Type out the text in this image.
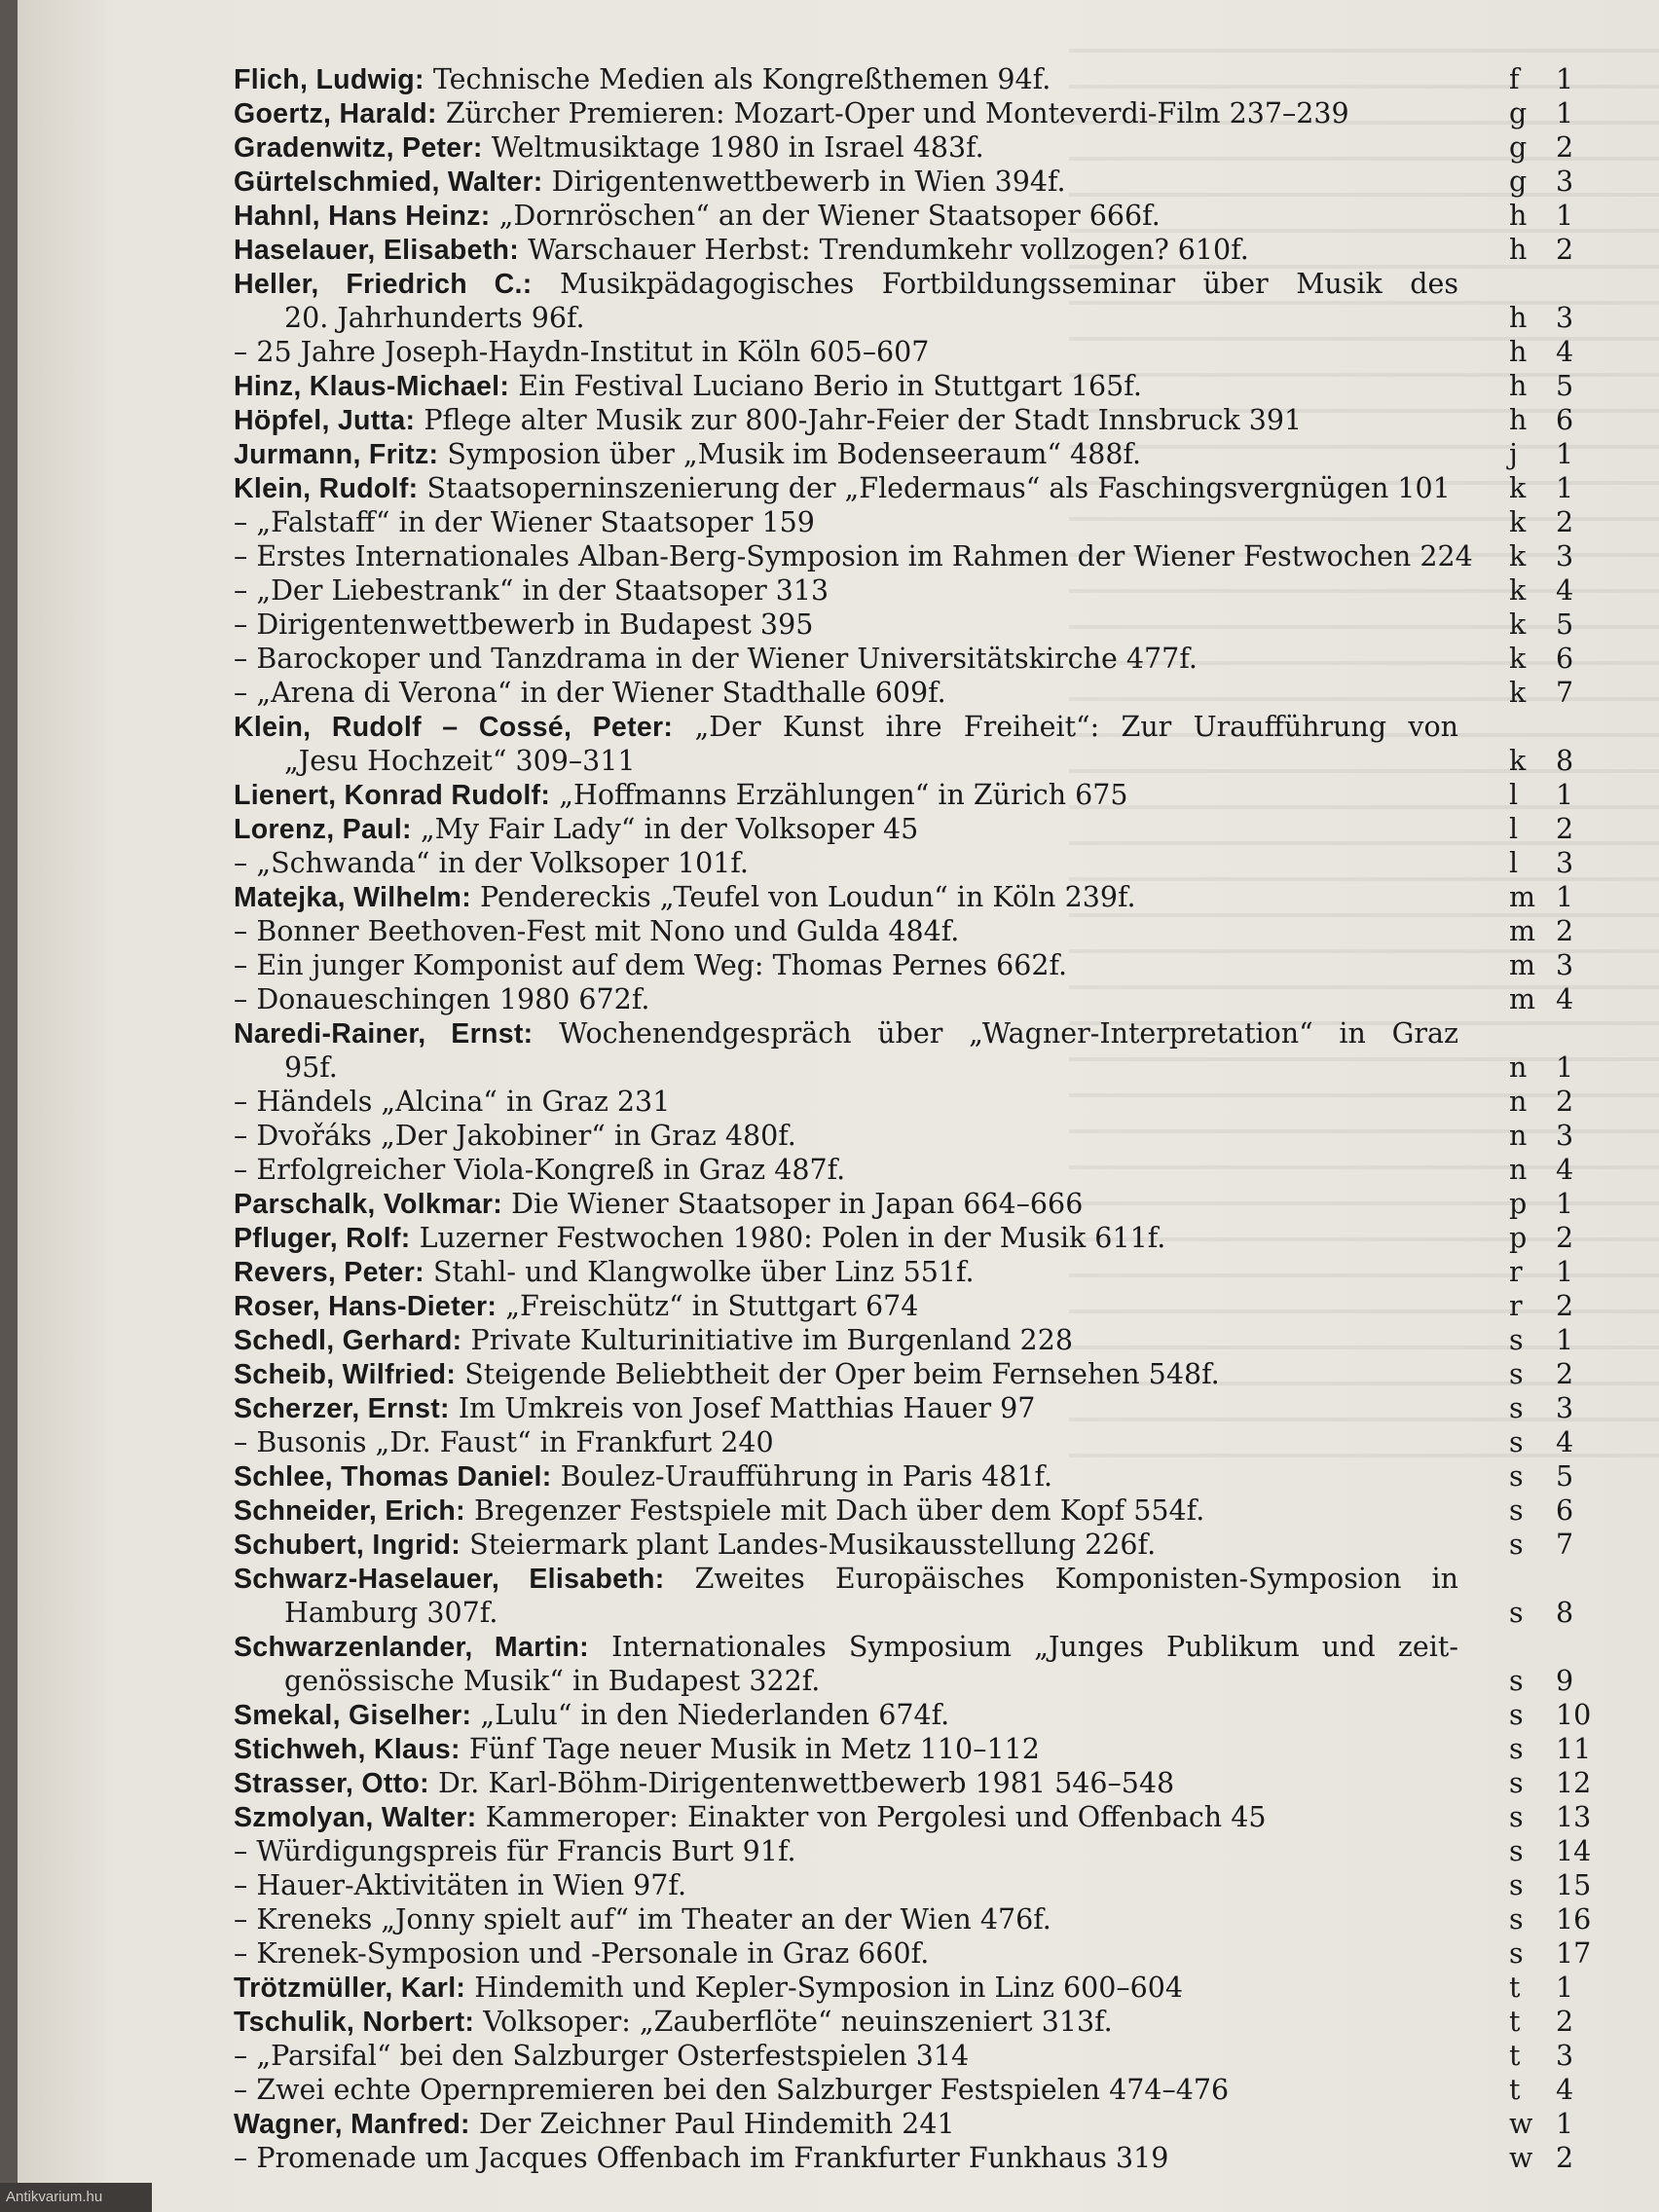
Flich, Ludwig: Technische Medien als Kongreßthemen 94f.	f 1
Goertz, Harald: Zürcher Premieren: Mozart-Oper und Monteverdi-Film 237–239	g 1
Gradenwitz, Peter: Weltmusiktage 1980 in Israel 483f.	g 2
Gürtelschmied, Walter: Dirigentenwettbewerb in Wien 394f.	g 3
Hahnl, Hans Heinz: „Dornröschen“ an der Wiener Staatsoper 666f.	h 1
Haselauer, Elisabeth: Warschauer Herbst: Trendumkehr vollzogen? 610f.	h 2
Heller, Friedrich C.: Musikpädagogisches Fortbildungsseminar über Musik des
20. Jahrhunderts 96f.	h 3
– 25 Jahre Joseph-Haydn-Institut in Köln 605–607	h 4
Hinz, Klaus-Michael: Ein Festival Luciano Berio in Stuttgart 165f.	h 5
Höpfel, Jutta: Pflege alter Musik zur 800-Jahr-Feier der Stadt Innsbruck 391	h 6
Jurmann, Fritz: Symposion über „Musik im Bodenseeraum“ 488f.	j 1
Klein, Rudolf: Staatsoperninszenierung der „Fledermaus“ als Faschingsvergnügen 101 k 1
– „Falstaff“ in der Wiener Staatsoper 159	k 2
– Erstes Internationales Alban-Berg-Symposion im Rahmen der Wiener Festwochen 224 k 3
– „Der Liebestrank“ in der Staatsoper 313	k 4
– Dirigentenwettbewerb in Budapest 395	k 5
– Barockoper und Tanzdrama in der Wiener Universitätskirche 477f.	k 6
– „Arena di Verona“ in der Wiener Stadthalle 609f.	k 7
Klein, Rudolf – Cossé, Peter: „Der Kunst ihre Freiheit“: Zur Uraufführung von
„Jesu Hochzeit“ 309–311	k 8
Lienert, Konrad Rudolf: „Hoffmanns Erzählungen“ in Zürich 675	l 1
Lorenz, Paul: „My Fair Lady“ in der Volksoper 45	l 2
– „Schwanda“ in der Volksoper 101f.	l 3
Matejka, Wilhelm: Pendereckis „Teufel von Loudun“ in Köln 239f.	m 1
– Bonner Beethoven-Fest mit Nono und Gulda 484f.	m 2
– Ein junger Komponist auf dem Weg: Thomas Pernes 662f.	m 3
– Donaueschingen 1980 672f.	m 4
Naredi-Rainer, Ernst: Wochenendgespräch über „Wagner-Interpretation“ in Graz
95f.	n 1
– Händels „Alcina“ in Graz 231	n 2
– Dvořáks „Der Jakobiner“ in Graz 480f.	n 3
– Erfolgreicher Viola-Kongreß in Graz 487f.	n 4
Parschalk, Volkmar: Die Wiener Staatsoper in Japan 664–666	p 1
Pfluger, Rolf: Luzerner Festwochen 1980: Polen in der Musik 611f.	p 2
Revers, Peter: Stahl- und Klangwolke über Linz 551f.	r 1
Roser, Hans-Dieter: „Freischütz“ in Stuttgart 674	r 2
Schedl, Gerhard: Private Kulturinitiative im Burgenland 228	s 1
Scheib, Wilfried: Steigende Beliebtheit der Oper beim Fernsehen 548f.	s 2
Scherzer, Ernst: Im Umkreis von Josef Matthias Hauer 97	s 3
– Busonis „Dr. Faust“ in Frankfurt 240	s 4
Schlee, Thomas Daniel: Boulez-Uraufführung in Paris 481f.	s 5
Schneider, Erich: Bregenzer Festspiele mit Dach über dem Kopf 554f.	s 6
Schubert, Ingrid: Steiermark plant Landes-Musikausstellung 226f.	s 7
Schwarz-Haselauer, Elisabeth: Zweites Europäisches Komponisten-Symposion in
Hamburg 307f.	s 8
Schwarzenlander, Martin: Internationales Symposium „Junges Publikum und zeit-
genössische Musik“ in Budapest 322f.	s 9
Smekal, Giselher: „Lulu“ in den Niederlanden 674f.	s 10
Stichweh, Klaus: Fünf Tage neuer Musik in Metz 110–112	s 11
Strasser, Otto: Dr. Karl-Böhm-Dirigentenwettbewerb 1981 546–548	s 12
Szmolyan, Walter: Kammeroper: Einakter von Pergolesi und Offenbach 45	s 13
– Würdigungspreis für Francis Burt 91f.	s 14
– Hauer-Aktivitäten in Wien 97f.	s 15
– Kreneks „Jonny spielt auf“ im Theater an der Wien 476f.	s 16
– Krenek-Symposion und -Personale in Graz 660f.	s 17
Trötzmüller, Karl: Hindemith und Kepler-Symposion in Linz 600–604	t 1
Tschulik, Norbert: Volksoper: „Zauberflöte“ neuinszeniert 313f.	t 2
– „Parsifal“ bei den Salzburger Osterfestspielen 314	t 3
– Zwei echte Opernpremieren bei den Salzburger Festspielen 474–476	t 4
Wagner, Manfred: Der Zeichner Paul Hindemith 241	w 1
– Promenade um Jacques Offenbach im Frankfurter Funkhaus 319	w 2
Antikvarium.hu
